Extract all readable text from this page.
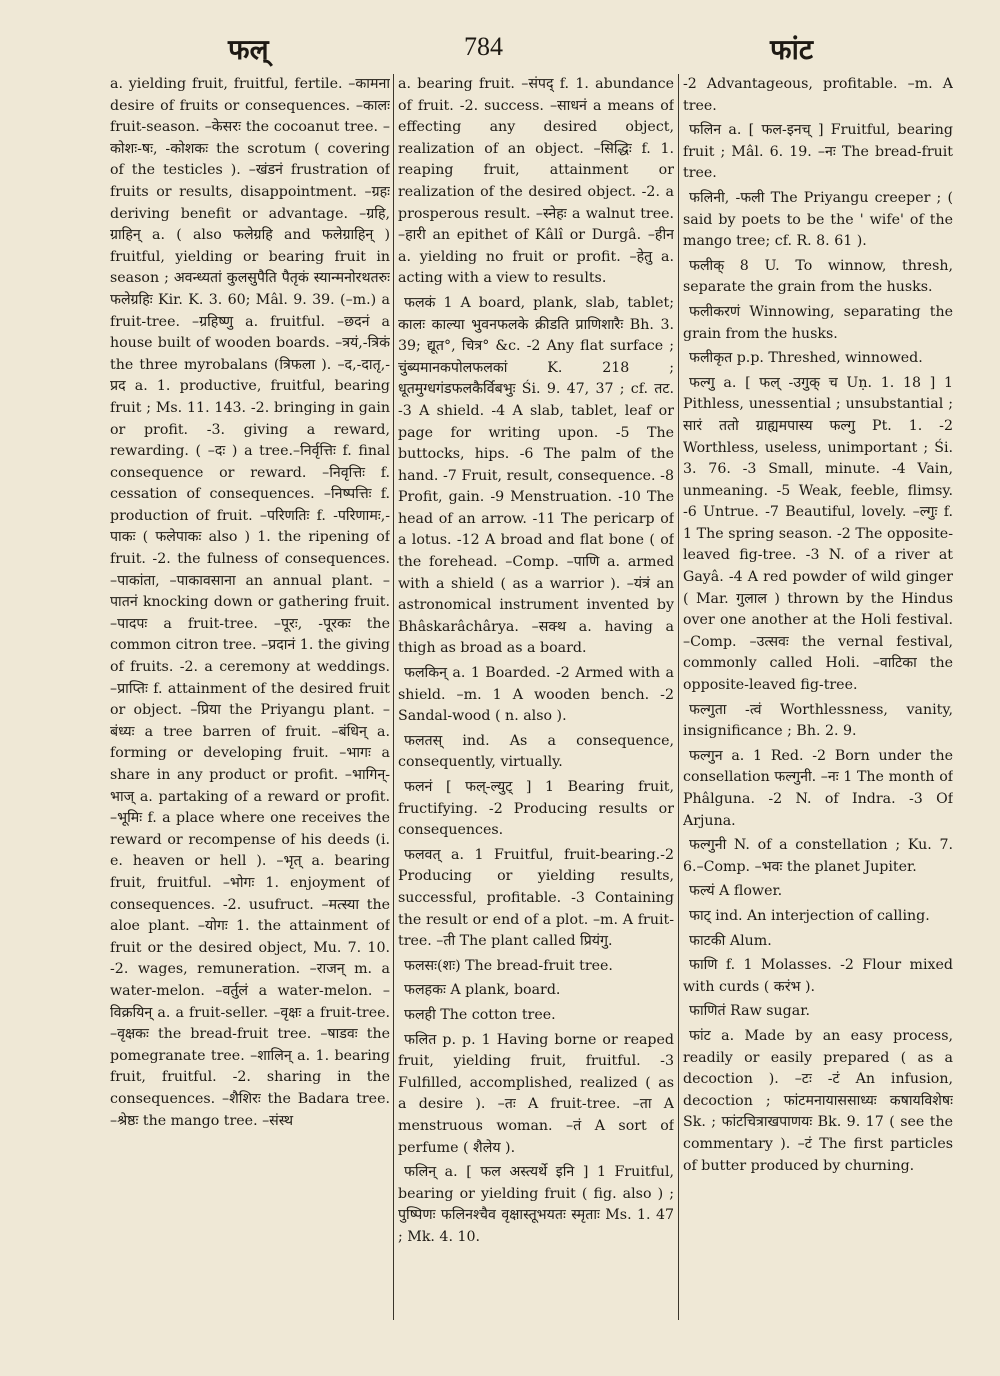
फल्	784	फांट

a. yielding fruit, fruitful, fertile. –कामना desire of fruits or consequences. –कालः fruit-season. –केसरः the cocoanut tree. –कोशः-षः, -कोशकः the scrotum ( covering of the testicles ). –खंडनं frustration of fruits or results, disappointment. –ग्रहः deriving benefit or advantage. –ग्रहि, ग्राहिन् a. ( also फलेग्रहि and फलेग्राहिन् ) fruitful, yielding or bearing fruit in season ; अवन्ध्यतां कुलसुपैति पैतृकं स्यान्मनोरथतरुः फलेग्रहिः Kir. K. 3. 60; Mâl. 9. 39. (–m.) a fruit-tree. –ग्रहिष्णु a. fruitful. –छदनं a house built of wooden boards. –त्रयं,-त्रिकं the three myrobalans (त्रिफला ). –द,-दातृ,-प्रद a. 1. productive, fruitful, bearing fruit ; Ms. 11. 143. -2. bringing in gain or profit. -3. giving a reward, rewarding. ( –दः ) a tree.–निर्वृत्तिः f. final consequence or reward. –निवृत्तिः f. cessation of consequences. –निष्पत्तिः f. production of fruit. –परिणतिः f. -परिणामः,-पाकः ( फलेपाकः also ) 1. the ripening of fruit. -2. the fulness of consequences. –पाकांता, –पाकावसाना an annual plant. –पातनं knocking down or gathering fruit. –पादपः a fruit-tree. –पूरः, -पूरकः the common citron tree. –प्रदानं 1. the giving of fruits. -2. a ceremony at weddings. –प्राप्तिः f. attainment of the desired fruit or object. –प्रिया the Priyangu plant. –बंध्यः a tree barren of fruit. –बंधिन् a. forming or developing fruit. –भागः a share in any product or profit. –भागिन्-भाज् a. partaking of a reward or profit. –भूमिः f. a place where one receives the reward or recompense of his deeds (i. e. heaven or hell ). –भृत् a. bearing fruit, fruitful. –भोगः 1. enjoyment of consequences. -2. usufruct. –मत्स्या the aloe plant. –योगः 1. the attainment of fruit or the desired object, Mu. 7. 10. -2. wages, remuneration. –राजन् m. a water-melon. –वर्तुलं a water-melon. –विक्रयिन् a. a fruit-seller. –वृक्षः a fruit-tree. –वृक्षकः the bread-fruit tree. –षाडवः the pomegranate tree. –शालिन् a. 1. bearing fruit, fruitful. -2. sharing in the consequences. –शैशिरः the Badara tree. –श्रेष्ठः the mango tree. –संस्थ

a. bearing fruit. –संपद् f. 1. abundance of fruit. -2. success. –साधनं a means of effecting any desired object, realization of an object. –सिद्धिः f. 1. reaping fruit, attainment or realization of the desired object. -2. a prosperous result. –स्नेहः a walnut tree. –हारी an epithet of Kâlî or Durgâ. –हीन a. yielding no fruit or profit. –हेतु a. acting with a view to results.

फलकं 1 A board, plank, slab, tablet; कालः काल्या भुवनफलके क्रीडति प्राणिशारैः Bh. 3. 39; द्यूत°, चित्र° &c. -2 Any flat surface ; चुंब्यमानकपोलफलकां K. 218 ; धूतमुग्धगंडफलकैर्विबभुः Śi. 9. 47, 37 ; cf. तट. -3 A shield. -4 A slab, tablet, leaf or page for writing upon. -5 The buttocks, hips. -6 The palm of the hand. -7 Fruit, result, consequence. -8 Profit, gain. -9 Menstruation. -10 The head of an arrow. -11 The pericarp of a lotus. -12 A broad and flat bone ( of the forehead. –Comp. –पाणि a. armed with a shield ( as a warrior ). –यंत्रं an astronomical instrument invented by Bhâskarâchârya. –सक्थ a. having a thigh as broad as a board.

फलकिन् a. 1 Boarded. -2 Armed with a shield. –m. 1 A wooden bench. -2 Sandal-wood ( n. also ).

फलतस् ind. As a consequence, consequently, virtually.

फलनं [ फल्-ल्युट् ] 1 Bearing fruit, fructifying. -2 Producing results or consequences.

फलवत् a. 1 Fruitful, fruit-bearing.-2 Producing or yielding results, successful, profitable. -3 Containing the result or end of a plot. –m. A fruit-tree. –ती The plant called प्रियंगु.

फलसः(शः) The bread-fruit tree.

फलहकः A plank, board.

फलही The cotton tree.

फलित p. p. 1 Having borne or reaped fruit, yielding fruit, fruitful. -3 Fulfilled, accomplished, realized ( as a desire ). –तः A fruit-tree. –ता A menstruous woman. –तं A sort of perfume ( शैलेय ).

फलिन् a. [ फल अस्त्यर्थे इनि ] 1 Fruitful, bearing or yielding fruit ( fig. also ) ; पुष्पिणः फलिनश्चैव वृक्षास्तूभयतः स्मृताः Ms. 1. 47 ; Mk. 4. 10.

-2 Advantageous, profitable. –m. A tree.

फलिन a. [ फल-इनच् ] Fruitful, bearing fruit ; Mâl. 6. 19. –नः The bread-fruit tree.

फलिनी, -फली The Priyangu creeper ; ( said by poets to be the ' wife' of the mango tree; cf. R. 8. 61 ).

फलीक् 8 U. To winnow, thresh, separate the grain from the husks.

फलीकरणं Winnowing, separating the grain from the husks.

फलीकृत p.p. Threshed, winnowed.

फल्गु a. [ फल् -उगुक् च Uṇ. 1. 18 ] 1 Pithless, unessential ; unsubstantial ; सारं ततो ग्राह्यमपास्य फल्गु Pt. 1. -2 Worthless, useless, unimportant ; Śi. 3. 76. -3 Small, minute. -4 Vain, unmeaning. -5 Weak, feeble, flimsy. -6 Untrue. -7 Beautiful, lovely. –ल्गुः f. 1 The spring season. -2 The opposite-leaved fig-tree. -3 N. of a river at Gayâ. -4 A red powder of wild ginger ( Mar. गुलाल ) thrown by the Hindus over one another at the Holi festival. –Comp. –उत्सवः the vernal festival, commonly called Holi. –वाटिका the opposite-leaved fig-tree.

फल्गुता -त्वं Worthlessness, vanity, insignificance ; Bh. 2. 9.

फल्गुन a. 1 Red. -2 Born under the consellation फल्गुनी. –नः 1 The month of Phâlguna. -2 N. of Indra. -3 Of Arjuna.

फल्गुनी N. of a constellation ; Ku. 7. 6.–Comp. –भवः the planet Jupiter.

फल्यं A flower.

फाट् ind. An interjection of calling.

फाटकी Alum.

फाणि f. 1 Molasses. -2 Flour mixed with curds ( करंभ ).

फाणितं Raw sugar.

फांट a. Made by an easy process, readily or easily prepared ( as a decoction ). –टः -टं An infusion, decoction ; फांटमनायाससाध्यः कषायविशेषः Sk. ; फांटचित्राखपाणयः Bk. 9. 17 ( see the commentary ). –टं The first particles of butter produced by churning.
